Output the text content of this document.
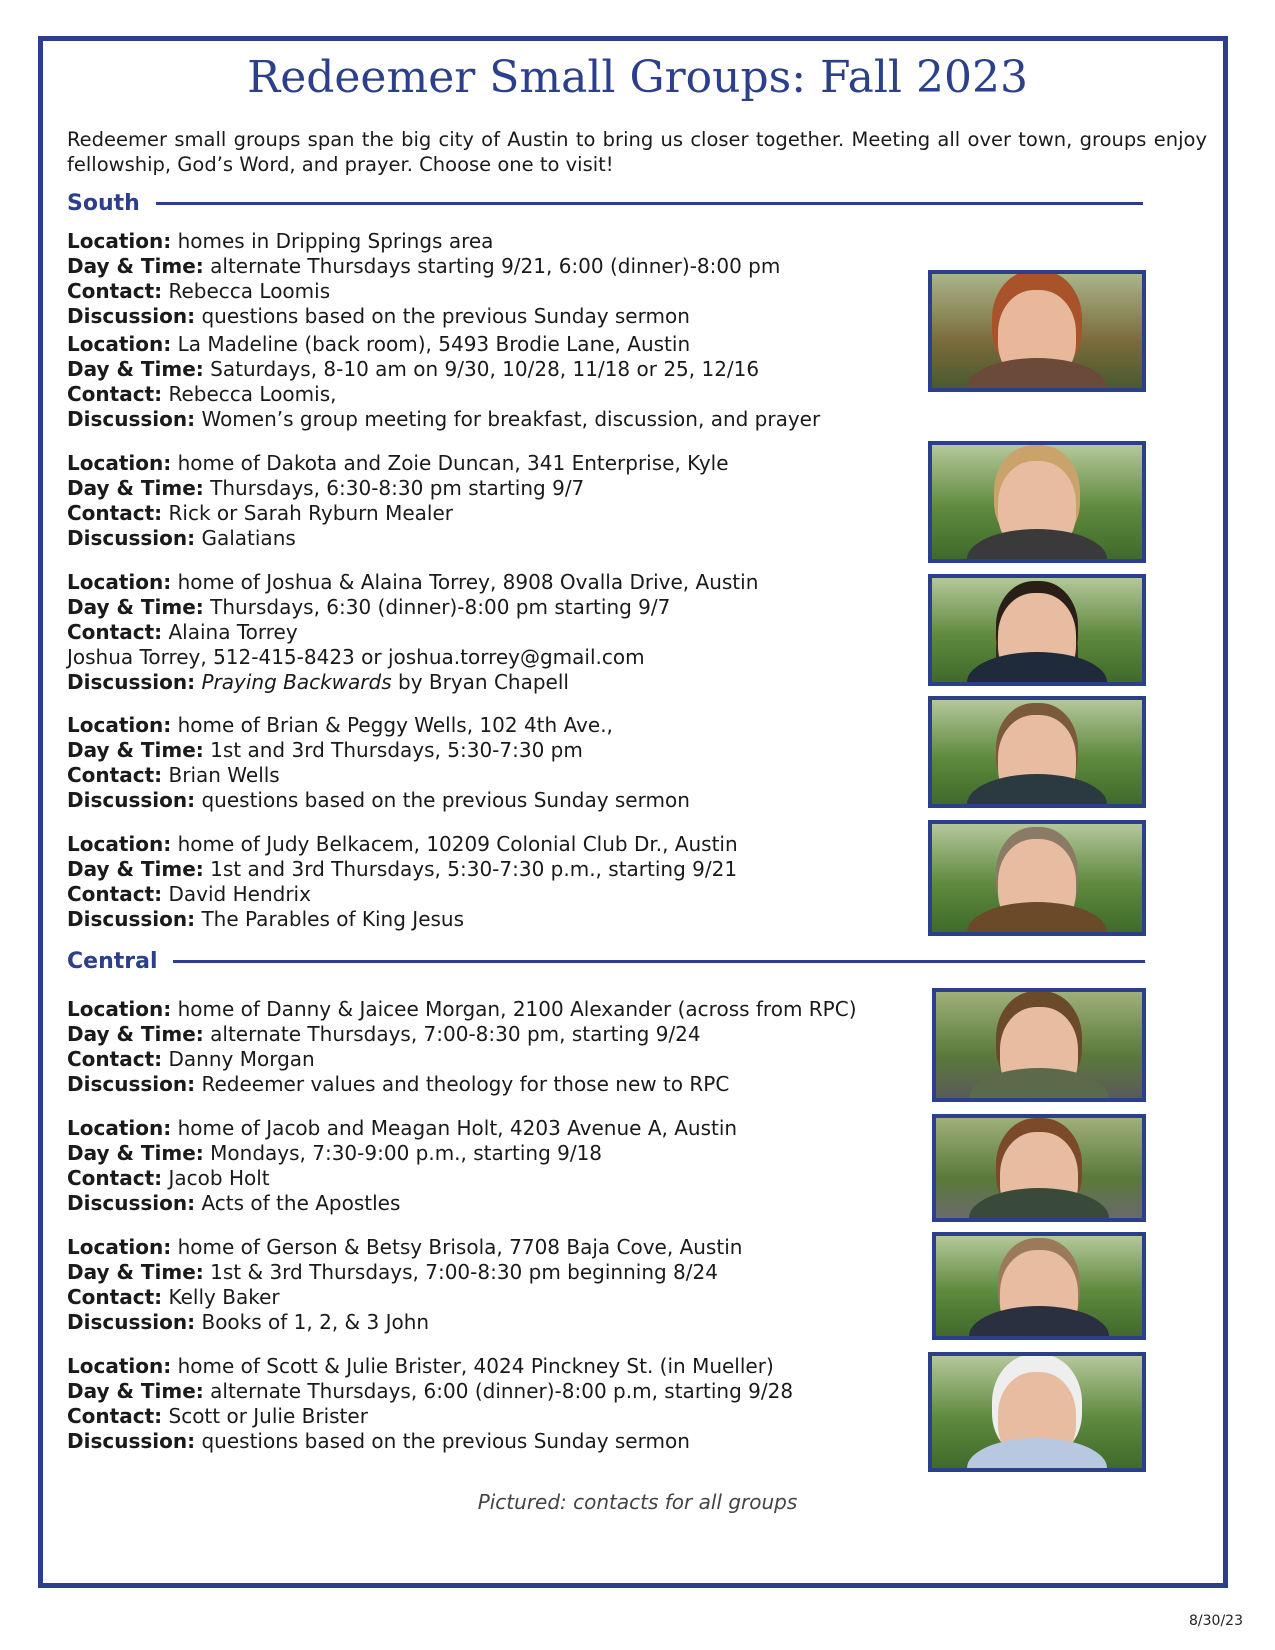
Redeemer Small Groups: Fall 2023
Redeemer small groups span the big city of Austin to bring us closer together. Meeting all over town, groups enjoy fellowship, God’s Word, and prayer. Choose one to visit!
South
Location: homes in Dripping Springs area
Day & Time: alternate Thursdays starting 9/21, 6:00 (dinner)-8:00 pm
Contact: Rebecca Loomis
Discussion: questions based on the previous Sunday sermon
Location: La Madeline (back room), 5493 Brodie Lane, Austin
Day & Time: Saturdays, 8-10 am on 9/30, 10/28, 11/18 or 25, 12/16
Contact: Rebecca Loomis,
Discussion: Women’s group meeting for breakfast, discussion, and prayer
Location: home of Dakota and Zoie Duncan, 341 Enterprise, Kyle
Day & Time: Thursdays, 6:30-8:30 pm starting 9/7
Contact: Rick or Sarah Ryburn Mealer
Discussion: Galatians
Location: home of Joshua & Alaina Torrey, 8908 Ovalla Drive, Austin
Day & Time: Thursdays, 6:30 (dinner)-8:00 pm starting 9/7
Contact: Alaina Torrey
Joshua Torrey, 512-415-8423 or joshua.torrey@gmail.com
Discussion: Praying Backwards by Bryan Chapell
Location: home of Brian & Peggy Wells, 102 4th Ave.,
Day & Time: 1st and 3rd Thursdays, 5:30-7:30 pm
Contact: Brian Wells
Discussion: questions based on the previous Sunday sermon
Location: home of Judy Belkacem, 10209 Colonial Club Dr., Austin
Day & Time: 1st and 3rd Thursdays, 5:30-7:30 p.m., starting 9/21
Contact: David Hendrix
Discussion: The Parables of King Jesus
Central
Location: home of Danny & Jaicee Morgan, 2100 Alexander (across from RPC)
Day & Time: alternate Thursdays, 7:00-8:30 pm, starting 9/24
Contact: Danny Morgan
Discussion: Redeemer values and theology for those new to RPC
Location: home of Jacob and Meagan Holt, 4203 Avenue A, Austin
Day & Time: Mondays, 7:30-9:00 p.m., starting 9/18
Contact: Jacob Holt
Discussion: Acts of the Apostles
Location: home of Gerson & Betsy Brisola, 7708 Baja Cove, Austin
Day & Time: 1st & 3rd Thursdays, 7:00-8:30 pm beginning 8/24
Contact: Kelly Baker
Discussion: Books of 1, 2, & 3 John
Location: home of Scott & Julie Brister, 4024 Pinckney St. (in Mueller)
Day & Time: alternate Thursdays, 6:00 (dinner)-8:00 p.m, starting 9/28
Contact: Scott or Julie Brister
Discussion: questions based on the previous Sunday sermon
Pictured: contacts for all groups
8/30/23
